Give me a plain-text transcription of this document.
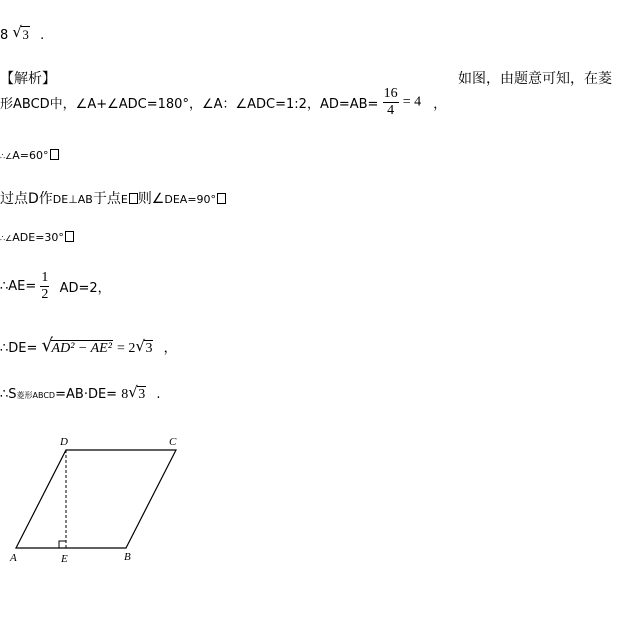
8 √ 3 .
【解析】	如图，由题意可知，在菱
形ABCD中，∠A+∠ADC=180°，∠A：∠ADC=1:2，$AD=AB= \frac{16}{4} = 4$ ，
∴∠A=60°
过点D作DE⊥AB于点E 则∠DEA=90°
∴∠ADE=30°
∴AE= $\frac{1}{2} AD=2$，
∴DE= √
AD² − AE² = 2 √ 3 ，
∴S菱形ABCD=AB·DE= 8 √ 3 .
A	E	B
C
D
